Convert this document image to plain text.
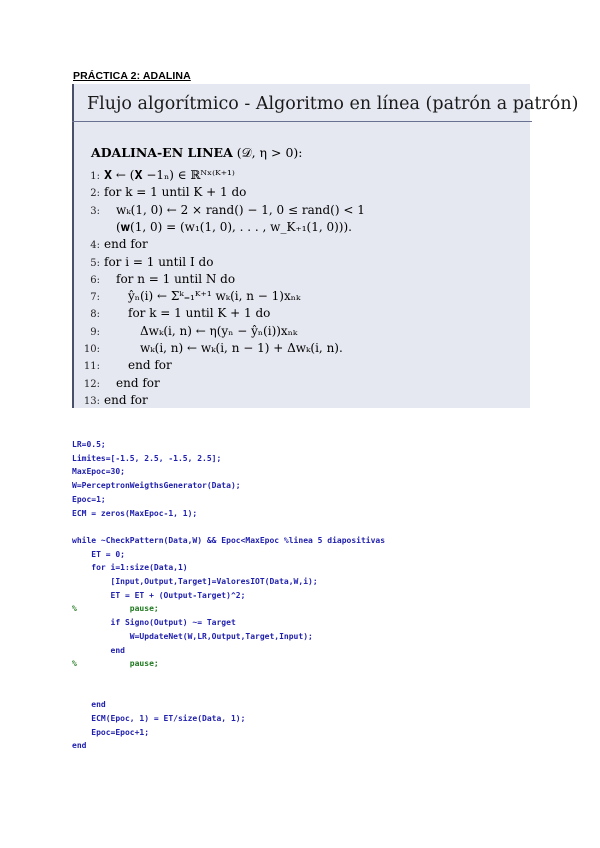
PRÁCTICA 2: ADALINA
Flujo algorítmico - Algoritmo en línea (patrón a patrón)
ADALINA-EN LINEA (𝒟, η > 0):
1: 𝐗 ← (𝐗 −1ₙ) ∈ ℝᴺˣ⁽ᴷ⁺¹⁾
2: for k = 1 until K + 1 do
3: wₖ(1, 0) ← 2 × rand() − 1, 0 ≤ rand() < 1
(𝐰(1, 0) = (w₁(1, 0), . . . , w_K₊₁(1, 0))).
4: end for
5: for i = 1 until I do
6: for n = 1 until N do
7: ŷₙ(i) ← Σᵏ₌₁ᴷ⁺¹ wₖ(i, n − 1)xₙₖ
8: for k = 1 until K + 1 do
9:	Δwₖ(i, n) ← η(yₙ − ŷₙ(i))xₙₖ
10:	wₖ(i, n) ← wₖ(i, n − 1) + Δwₖ(i, n).
11: end for
12: end for
13: end for
LR=0.5;
Limites=[-1.5, 2.5, -1.5, 2.5];
MaxEpoc=30;
W=PerceptronWeigthsGenerator(Data);
Epoc=1;
ECM = zeros(MaxEpoc-1, 1);
while ~CheckPattern(Data,W) && Epoc<MaxEpoc %linea 5 diapositivas
ET = 0;
for i=1:size(Data,1)
[Input,Output,Target]=ValoresIOT(Data,W,i);
ET = ET + (Output-Target)^2;
%           pause;
if Signo(Output) ~= Target
W=UpdateNet(W,LR,Output,Target,Input);
end
%           pause;
end
ECM(Epoc, 1) = ET/size(Data, 1);
Epoc=Epoc+1;
end
